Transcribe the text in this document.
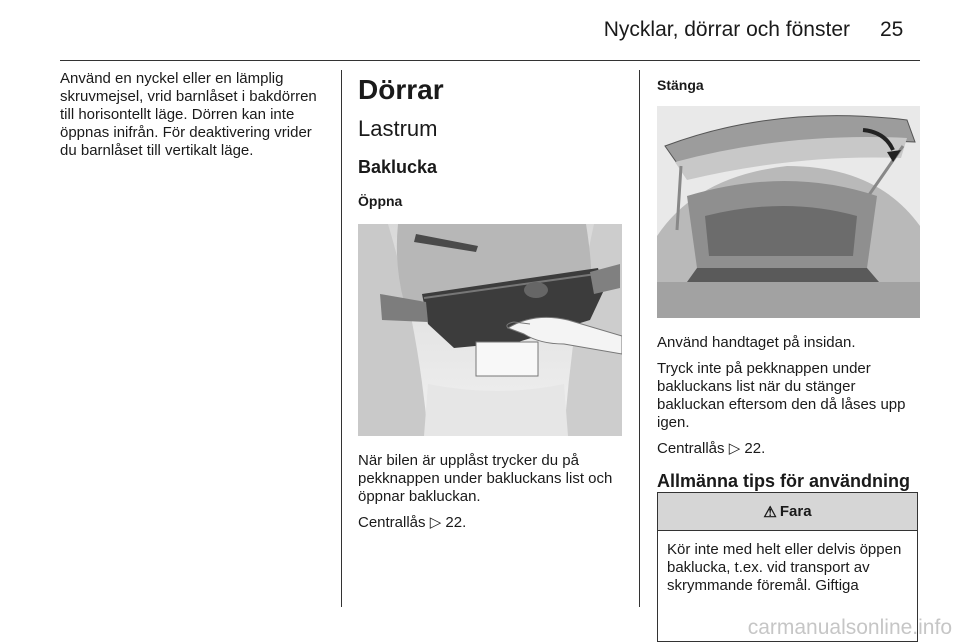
Nycklar, dörrar och fönster 25

Använd en nyckel eller en lämplig skruvmejsel, vrid barnlåset i bakdörren till horisontellt läge. Dörren kan inte öppnas inifrån. För deaktivering vrider du barnlåset till vertikalt läge.

Dörrar
Lastrum
Baklucka
Öppna

När bilen är upplåst trycker du på pekknappen under bakluckans list och öppnar bakluckan.

Centrallås ▷ 22.

Stänga

Använd handtaget på insidan.

Tryck inte på pekknappen under bakluckans list när du stänger bakluckan eftersom den då låses upp igen.

Centrallås ▷ 22.

Allmänna tips för användning
⚠ Fara
Kör inte med helt eller delvis öppen baklucka, t.ex. vid transport av skrymmande föremål. Giftiga
carmanualsonline.info
